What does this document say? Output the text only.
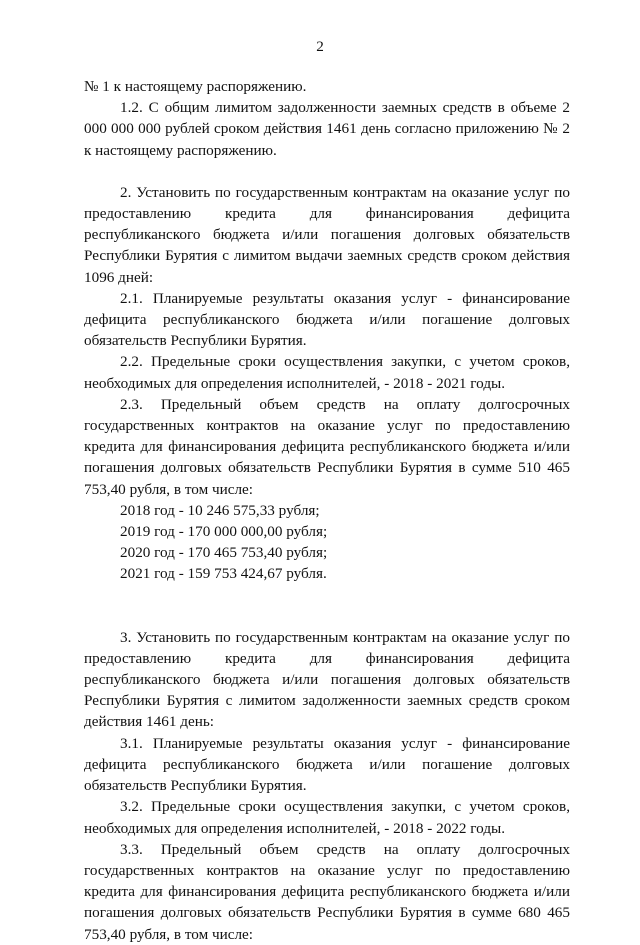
2

№ 1 к настоящему распоряжению.

1.2. С общим лимитом задолженности заемных средств в объеме 2 000 000 000 рублей сроком действия 1461 день согласно приложению № 2 к настоящему распоряжению.

2. Установить по государственным контрактам на оказание услуг по предоставлению кредита для финансирования дефицита республиканского бюджета и/или погашения долговых обязательств Республики Бурятия с лимитом выдачи заемных средств сроком действия 1096 дней:

2.1. Планируемые результаты оказания услуг - финансирование дефицита республиканского бюджета и/или погашение долговых обязательств Республики Бурятия.

2.2. Предельные сроки осуществления закупки, с учетом сроков, необходимых для определения исполнителей, - 2018 - 2021 годы.

2.3. Предельный объем средств на оплату долгосрочных государственных контрактов на оказание услуг по предоставлению кредита для финансирования дефицита республиканского бюджета и/или погашения долговых обязательств Республики Бурятия в сумме 510 465 753,40 рубля, в том числе:

2018 год - 10 246 575,33 рубля;

2019 год - 170 000 000,00 рубля;

2020 год - 170 465 753,40 рубля;

2021 год - 159 753 424,67 рубля.

3. Установить по государственным контрактам на оказание услуг по предоставлению кредита для финансирования дефицита республиканского бюджета и/или погашения долговых обязательств Республики Бурятия с лимитом задолженности заемных средств сроком действия 1461 день:

3.1. Планируемые результаты оказания услуг - финансирование дефицита республиканского бюджета и/или погашение долговых обязательств Республики Бурятия.

3.2. Предельные сроки осуществления закупки, с учетом сроков, необходимых для определения исполнителей, - 2018 - 2022 годы.

3.3. Предельный объем средств на оплату долгосрочных государственных контрактов на оказание услуг по предоставлению кредита для финансирования дефицита республиканского бюджета и/или погашения долговых обязательств Республики Бурятия в сумме 680 465 753,40 рубля, в том числе:
